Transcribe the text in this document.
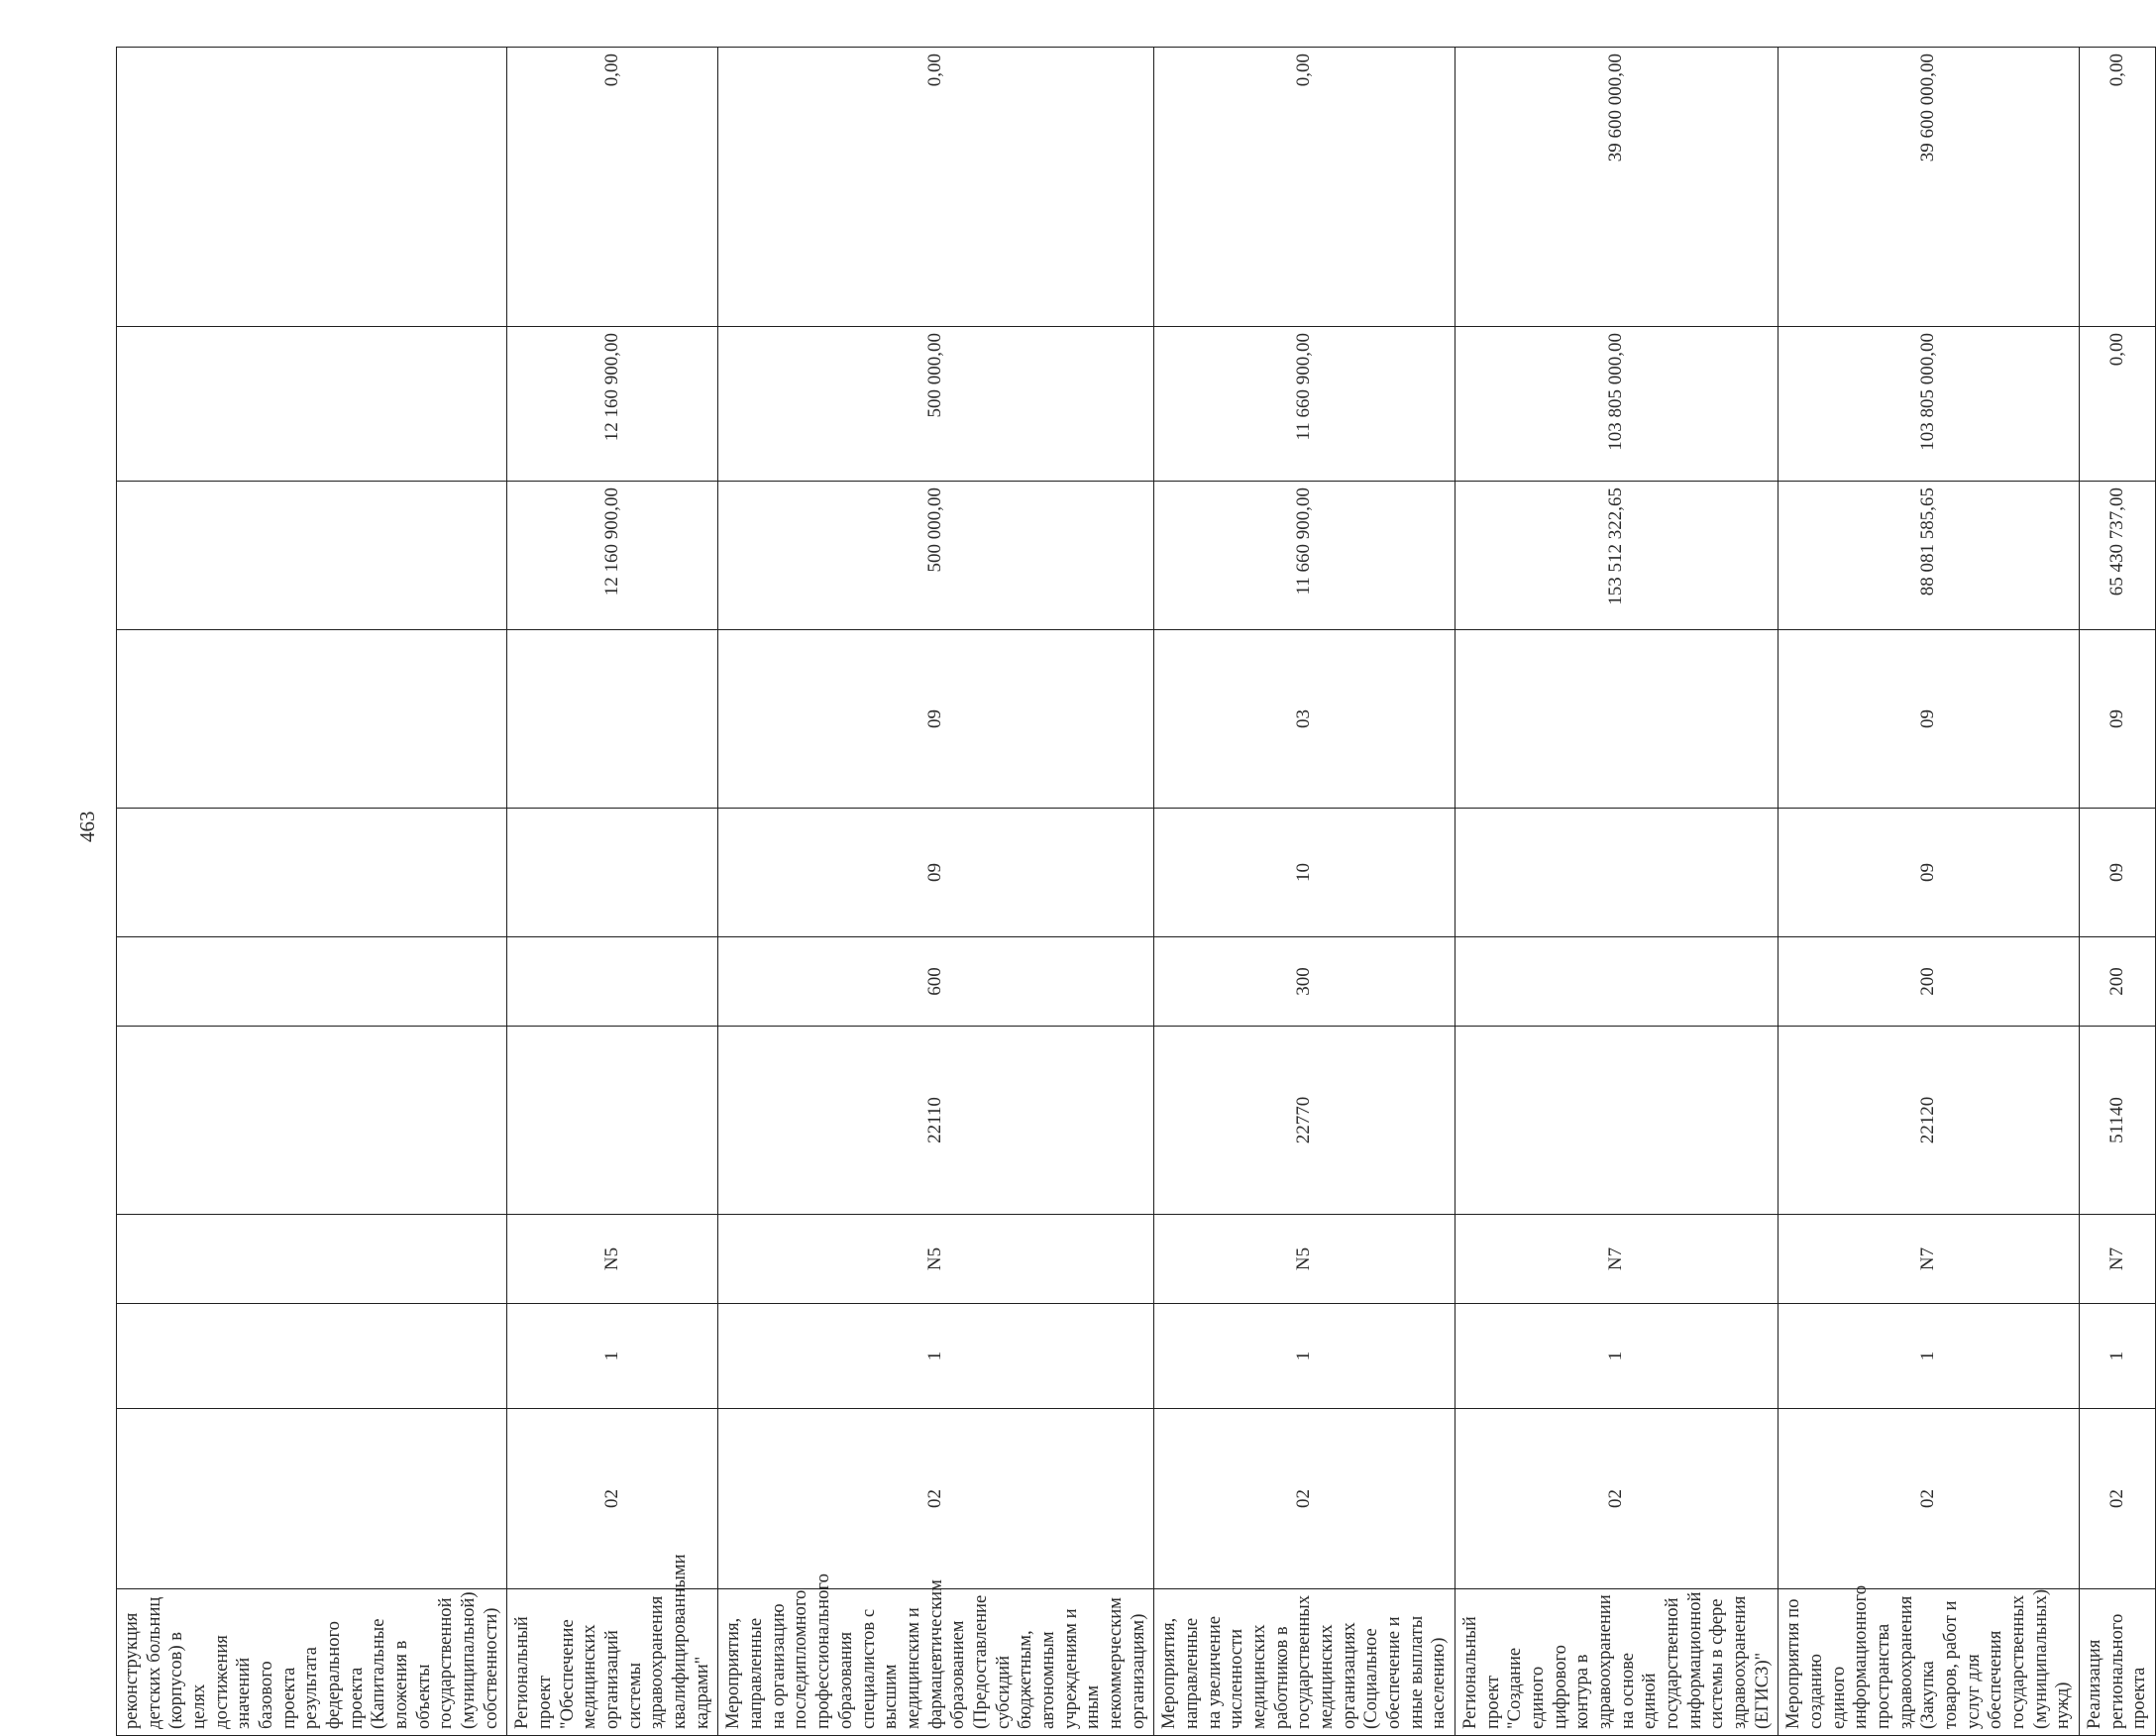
463
реконструкция детских больниц (корпусов) в целях достижения значений базового проекта результата федерального проекта (Капитальные вложения в объекты государственной (муниципальной) собственности)										
Региональный проект "Обеспечение медицинских организаций системы здравоохранения квалифицированными кадрами"	02	1	N5					12 160 900,00	12 160 900,00	0,00
Мероприятия, направленные на организацию последипломного профессионального образования специалистов с высшим медицинским и фармацевтическим образованием (Предоставление субсидий бюджетным, автономным учреждениям и иным некоммерческим организациям)	02	1	N5	22110	600	09	09	500 000,00	500 000,00	0,00
Мероприятия, направленные на увеличение численности медицинских работников в государственных медицинских организациях (Социальное обеспечение и иные выплаты населению)	02	1	N5	22770	300	10	03	11 660 900,00	11 660 900,00	0,00
Региональный проект "Создание единого цифрового контура в здравоохранении на основе единой государственной информационной системы в сфере здравоохранения (ЕГИСЗ)"	02	1	N7					153 512 322,65	103 805 000,00	39 600 000,00
Мероприятия по созданию единого информационного пространства здравоохранения (Закупка товаров, работ и услуг для обеспечения государственных (муниципальных) нужд)	02	1	N7	22120	200	09	09	88 081 585,65	103 805 000,00	39 600 000,00
Реализация регионального проекта	02	1	N7	51140	200	09	09	65 430 737,00	0,00	0,00
